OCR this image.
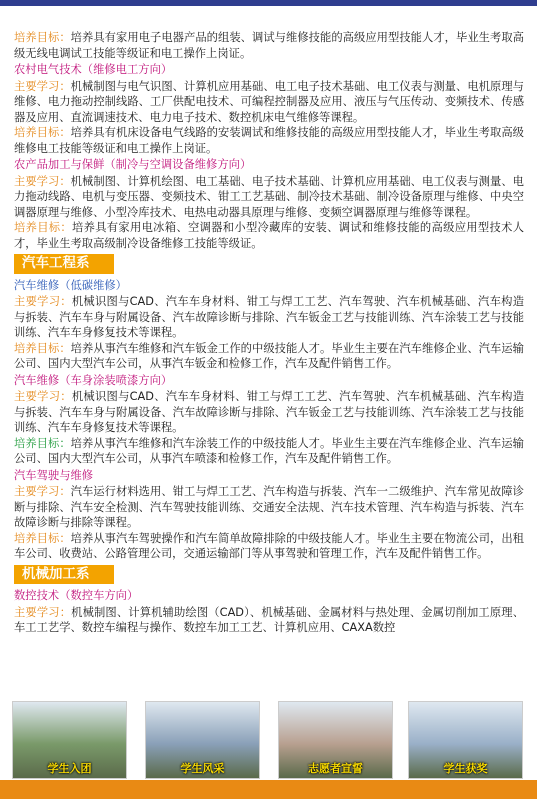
培养目标：培养具有家用电子电器产品的组装、调试与维修技能的高级应用型技能人才，毕业生考取高级无线电调试工技能等级证和电工操作上岗证。

农村电气技术（维修电工方向）

主要学习：机械制图与电气识图、计算机应用基础、电工电子技术基础、电工仪表与测量、电机原理与维修、电力拖动控制线路、工厂供配电技术、可编程控制器及应用、液压与气压传动、变频技术、传感器及应用、直流调速技术、电力电子技术、数控机床电气维修等课程。

培养目标：培养具有机床设备电气线路的安装调试和维修技能的高级应用型技能人才，毕业生考取高级维修电工技能等级证和电工操作上岗证。

农产品加工与保鲜（制冷与空调设备维修方向）

主要学习：机械制图、计算机绘图、电工基础、电子技术基础、计算机应用基础、电工仪表与测量、电力拖动线路、电机与变压器、变频技术、钳工工艺基础、制冷技术基础、制冷设备原理与维修、中央空调器原理与维修、小型冷库技术、电热电动器具原理与维修、变频空调器原理与维修等课程。

培养目标：培养具有家用电冰箱、空调器和小型冷藏库的安装、调试和维修技能的高级应用型技术人才，毕业生考取高级制冷设备维修工技能等级证。

汽车工程系
汽车维修（低碳维修）

主要学习：机械识图与CAD、汽车车身材料、钳工与焊工工艺、汽车驾驶、汽车机械基础、汽车构造与拆装、汽车车身与附属设备、汽车故障诊断与排除、汽车钣金工艺与技能训练、汽车涂装工艺与技能训练、汽车车身修复技术等课程。

培养目标：培养从事汽车维修和汽车钣金工作的中级技能人才。毕业生主要在汽车维修企业、汽车运输公司、国内大型汽车公司，从事汽车钣金和检修工作，汽车及配件销售工作。

汽车维修（车身涂装喷漆方向）

主要学习：机械识图与CAD、汽车车身材料、钳工与焊工工艺、汽车驾驶、汽车机械基础、汽车构造与拆装、汽车车身与附属设备、汽车故障诊断与排除、汽车钣金工艺与技能训练、汽车涂装工艺与技能训练、汽车车身修复技术等课程。

培养目标：培养从事汽车维修和汽车涂装工作的中级技能人才。毕业生主要在汽车维修企业、汽车运输公司、国内大型汽车公司，从事汽车喷漆和检修工作，汽车及配件销售工作。

汽车驾驶与维修

主要学习：汽车运行材料选用、钳工与焊工工艺、汽车构造与拆装、汽车一二级维护、汽车常见故障诊断与排除、汽车安全检测、汽车驾驶技能训练、交通安全法规、汽车技术管理、汽车构造与拆装、汽车故障诊断与排除等课程。

培养目标：培养从事汽车驾驶操作和汽车简单故障排除的中级技能人才。毕业生主要在物流公司，出租车公司、收费站、公路管理公司，交通运输部门等从事驾驶和管理工作，汽车及配件销售工作。

机械加工系
数控技术（数控车方向）

主要学习：机械制图、计算机辅助绘图（CAD）、机械基础、金属材料与热处理、金属切削加工原理、车工工艺学、数控车编程与操作、数控车加工工艺、计算机应用、CAXA数控

学生入团	学生风采	志愿者宣誓	学生获奖
